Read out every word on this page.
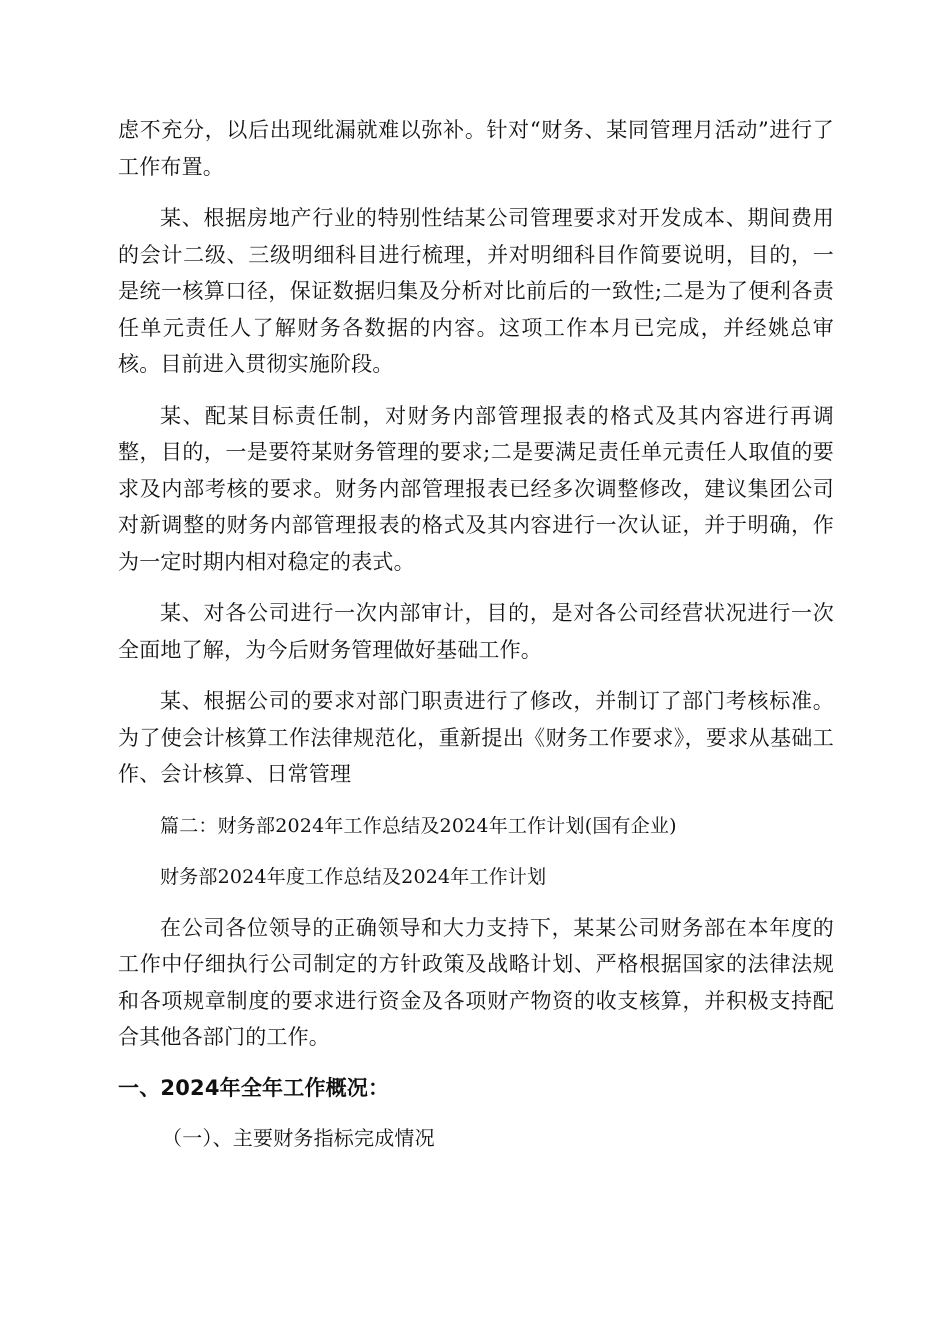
虑不充分，以后出现纰漏就难以弥补。针对“财务、某同管理月活动”进行了工作布置。

某、根据房地产行业的特别性结某公司管理要求对开发成本、期间费用的会计二级、三级明细科目进行梳理，并对明细科目作简要说明，目的，一是统一核算口径，保证数据归集及分析对比前后的一致性;二是为了便利各责任单元责任人了解财务各数据的内容。这项工作本月已完成，并经姚总审核。目前进入贯彻实施阶段。

某、配某目标责任制，对财务内部管理报表的格式及其内容进行再调整，目的，一是要符某财务管理的要求;二是要满足责任单元责任人取值的要求及内部考核的要求。财务内部管理报表已经多次调整修改，建议集团公司对新调整的财务内部管理报表的格式及其内容进行一次认证，并于明确，作为一定时期内相对稳定的表式。

某、对各公司进行一次内部审计，目的，是对各公司经营状况进行一次全面地了解，为今后财务管理做好基础工作。

某、根据公司的要求对部门职责进行了修改，并制订了部门考核标准。为了使会计核算工作法律规范化，重新提出《财务工作要求》，要求从基础工作、会计核算、日常管理

篇二：财务部2024年工作总结及2024年工作计划(国有企业)

财务部2024年度工作总结及2024年工作计划

在公司各位领导的正确领导和大力支持下，某某公司财务部在本年度的工作中仔细执行公司制定的方针政策及战略计划、严格根据国家的法律法规和各项规章制度的要求进行资金及各项财产物资的收支核算，并积极支持配合其他各部门的工作。

一、2024年全年工作概况：

（一）、主要财务指标完成情况
